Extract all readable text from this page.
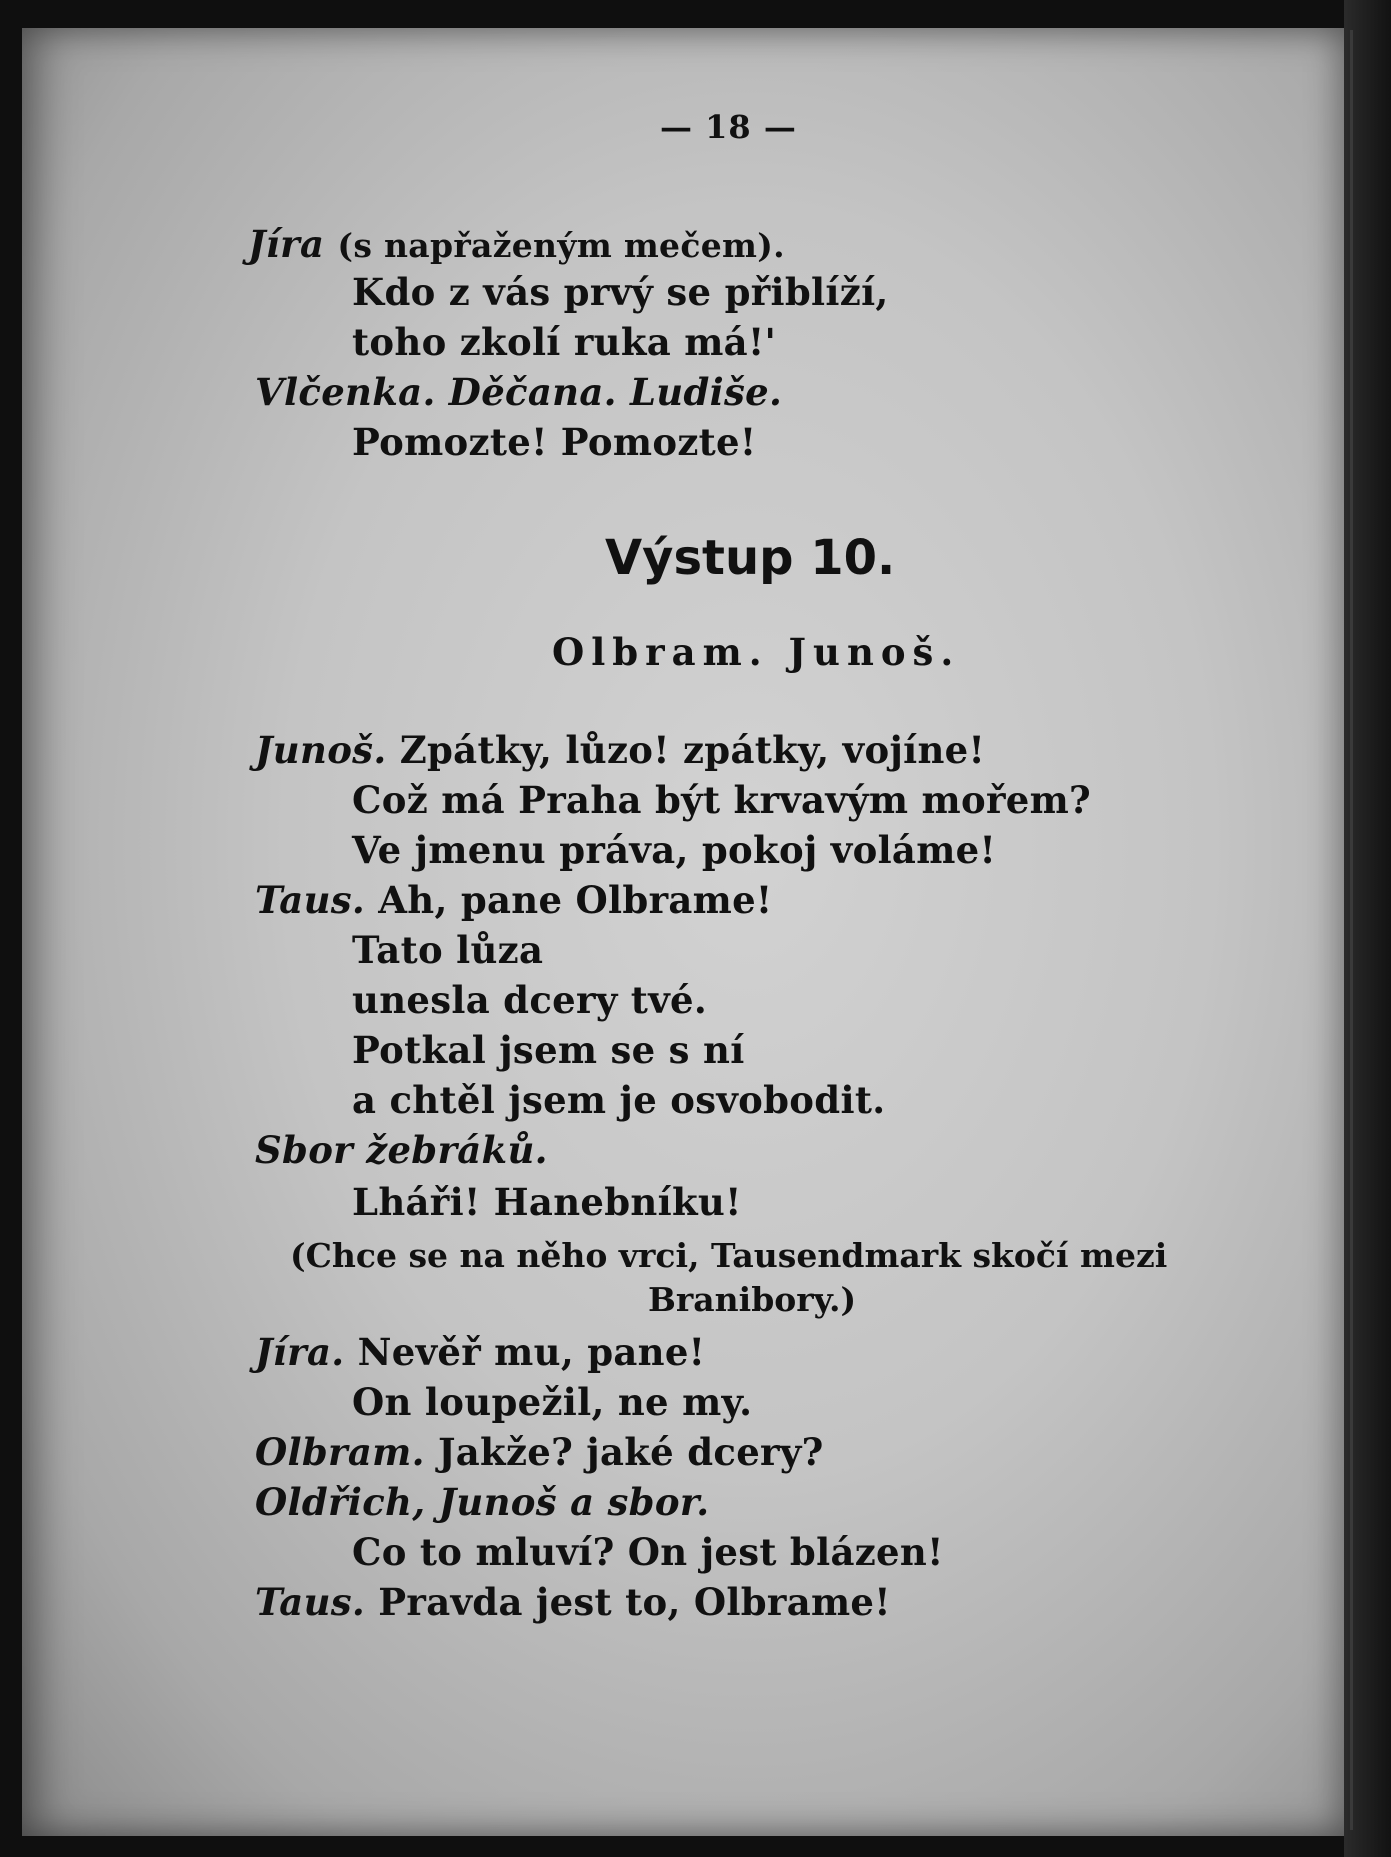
— 18 —
Jíra (s napřaženým mečem).
Kdo z vás prvý se přiblíží,
toho zkolí ruka má!'
Vlčenka. Děčana. Ludiše.
Pomozte! Pomozte!
Výstup 10.
Olbram. Junoš.
Junoš. Zpátky, lůzo! zpátky, vojíne!
Což má Praha být krvavým mořem?
Ve jmenu práva, pokoj voláme!
Taus. Ah, pane Olbrame!
Tato lůza
unesla dcery tvé.
Potkal jsem se s ní
a chtěl jsem je osvobodit.
Sbor žebráků.
Lháři! Hanebníku!
(Chce se na něho vrci, Tausendmark skočí mezi
Branibory.)
Jíra. Nevěř mu, pane!
On loupežil, ne my.
Olbram. Jakže? jaké dcery?
Oldřich, Junoš a sbor.
Co to mluví? On jest blázen!
Taus. Pravda jest to, Olbrame!
